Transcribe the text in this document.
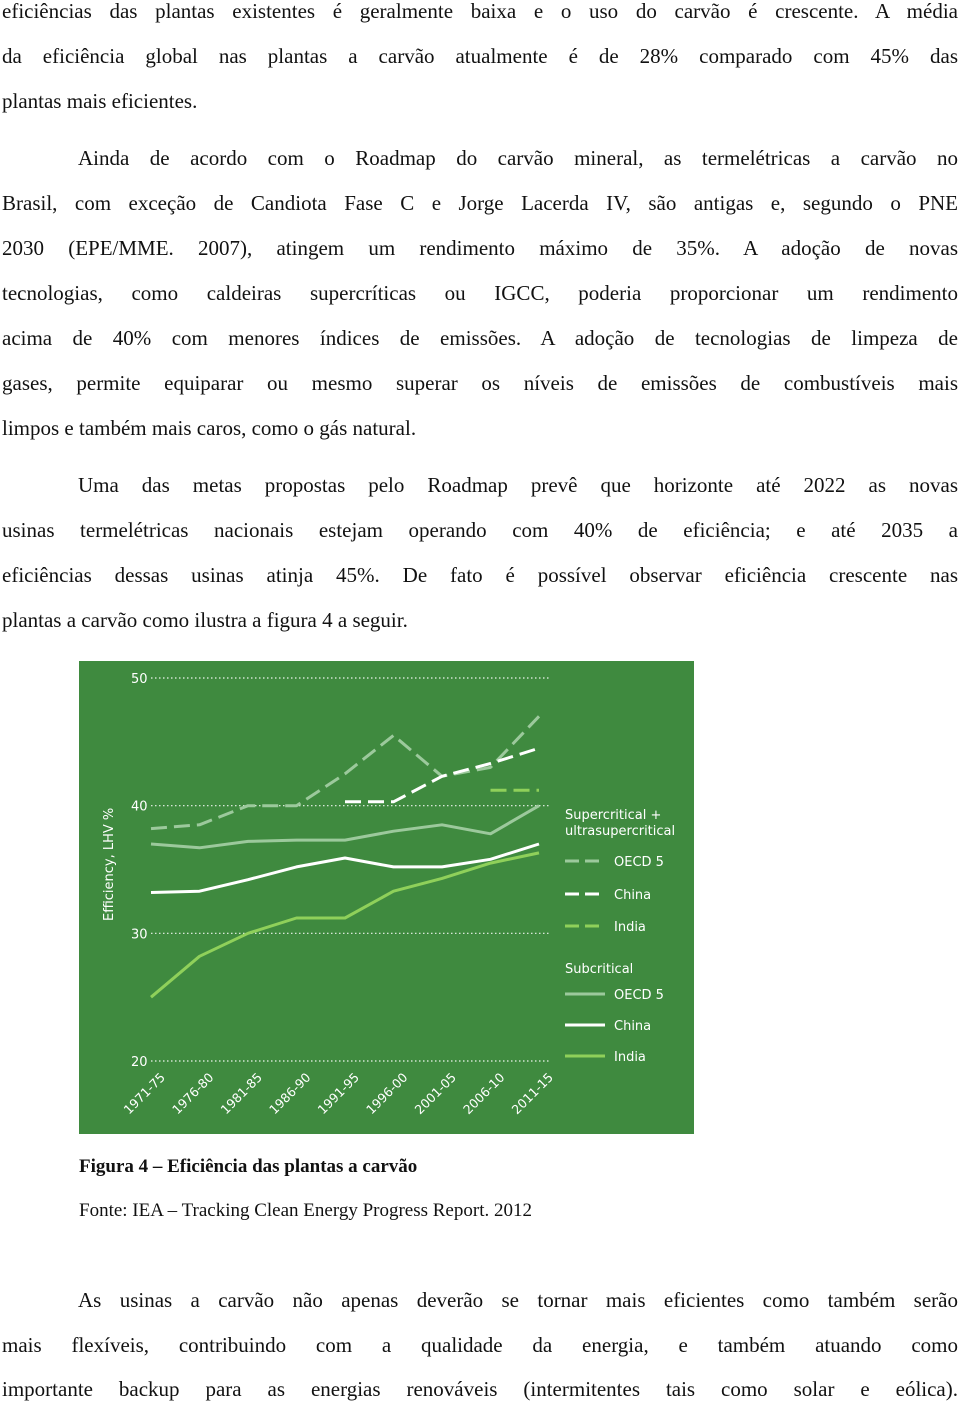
eficiências das plantas existentes é geralmente baixa e o uso do carvão é crescente. A média

da eficiência global nas plantas a carvão atualmente é de 28% comparado com 45% das

plantas mais eficientes.

Ainda de acordo com o Roadmap do carvão mineral, as termelétricas a carvão no

Brasil, com exceção de Candiota Fase C e Jorge Lacerda IV, são antigas e, segundo o PNE

2030 (EPE/MME. 2007), atingem um rendimento máximo de 35%. A adoção de novas

tecnologias, como caldeiras supercríticas ou IGCC, poderia proporcionar um rendimento

acima de 40% com menores índices de emissões. A adoção de tecnologias de limpeza de

gases, permite equiparar ou mesmo superar os níveis de emissões de combustíveis mais

limpos e também mais caros, como o gás natural.

Uma das metas propostas pelo Roadmap prevê que horizonte até 2022 as novas

usinas termelétricas nacionais estejam operando com 40% de eficiência; e até 2035 a

eficiências dessas usinas atinja 45%. De fato é possível observar eficiência crescente nas

plantas a carvão como ilustra a figura 4 a seguir.

20
30
40
50
Efficiency, LHV %
1971-75 1976-80 1981-85 1986-90 1991-95 1996-00 2001-05 2006-10 2011-15
Supercritical +
ultrasupercritical
OECD 5
China
India
Subcritical
OECD 5
China
India

Figura 4 – Eficiência das plantas a carvão

Fonte: IEA – Tracking Clean Energy Progress Report. 2012

As usinas a carvão não apenas deverão se tornar mais eficientes como também serão

mais flexíveis, contribuindo com a qualidade da energia, e também atuando como

importante backup para as energias renováveis (intermitentes tais como solar e eólica).
